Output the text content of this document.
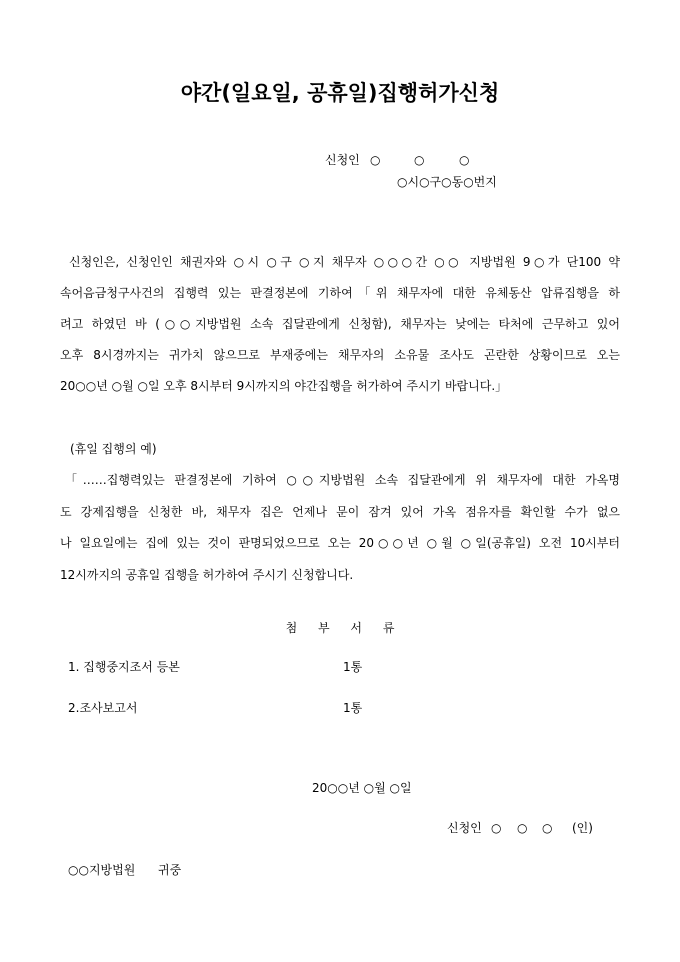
야간(일요일, 공휴일)집행허가신청
신청인 ○	○	○
○시○구○동○번지
신청인은, 신청인인 채권자와 ○시 ○구 ○지 채무자 ○○○간 ○○ 지방법원 9○가 단100 약
속어음금청구사건의 집행력 있는 판결정본에 기하여「위 채무자에 대한 유체동산 압류집행을 하
려고 하였던 바 (○○지방법원 소속 집달관에게 신청함), 채무자는 낮에는 타처에 근무하고 있어
오후 8시경까지는 귀가치 않으므로 부재중에는 채무자의 소유물 조사도 곤란한 상황이므로 오는
20○○년 ○월 ○일 오후 8시부터 9시까지의 야간집행을 허가하여 주시기 바랍니다.」
(휴일 집행의 예)
「……집행력있는 판결정본에 기하여 ○○지방법원 소속 집달관에게 위 채무자에 대한 가옥명
도 강제집행을 신청한 바, 채무자 집은 언제나 문이 잠겨 있어 가옥 점유자를 확인할 수가 없으
나 일요일에는 집에 있는 것이 판명되었으므로 오는 20○○년 ○월 ○일(공휴일) 오전 10시부터
12시까지의 공휴일 집행을 허가하여 주시기 신청합니다.
첨 부 서 류
1. 집행중지조서 등본	1통
2.조사보고서	1통
20○○년 ○월 ○일
신청인 ○ ○ ○ (인)
○○지방법원 귀중
